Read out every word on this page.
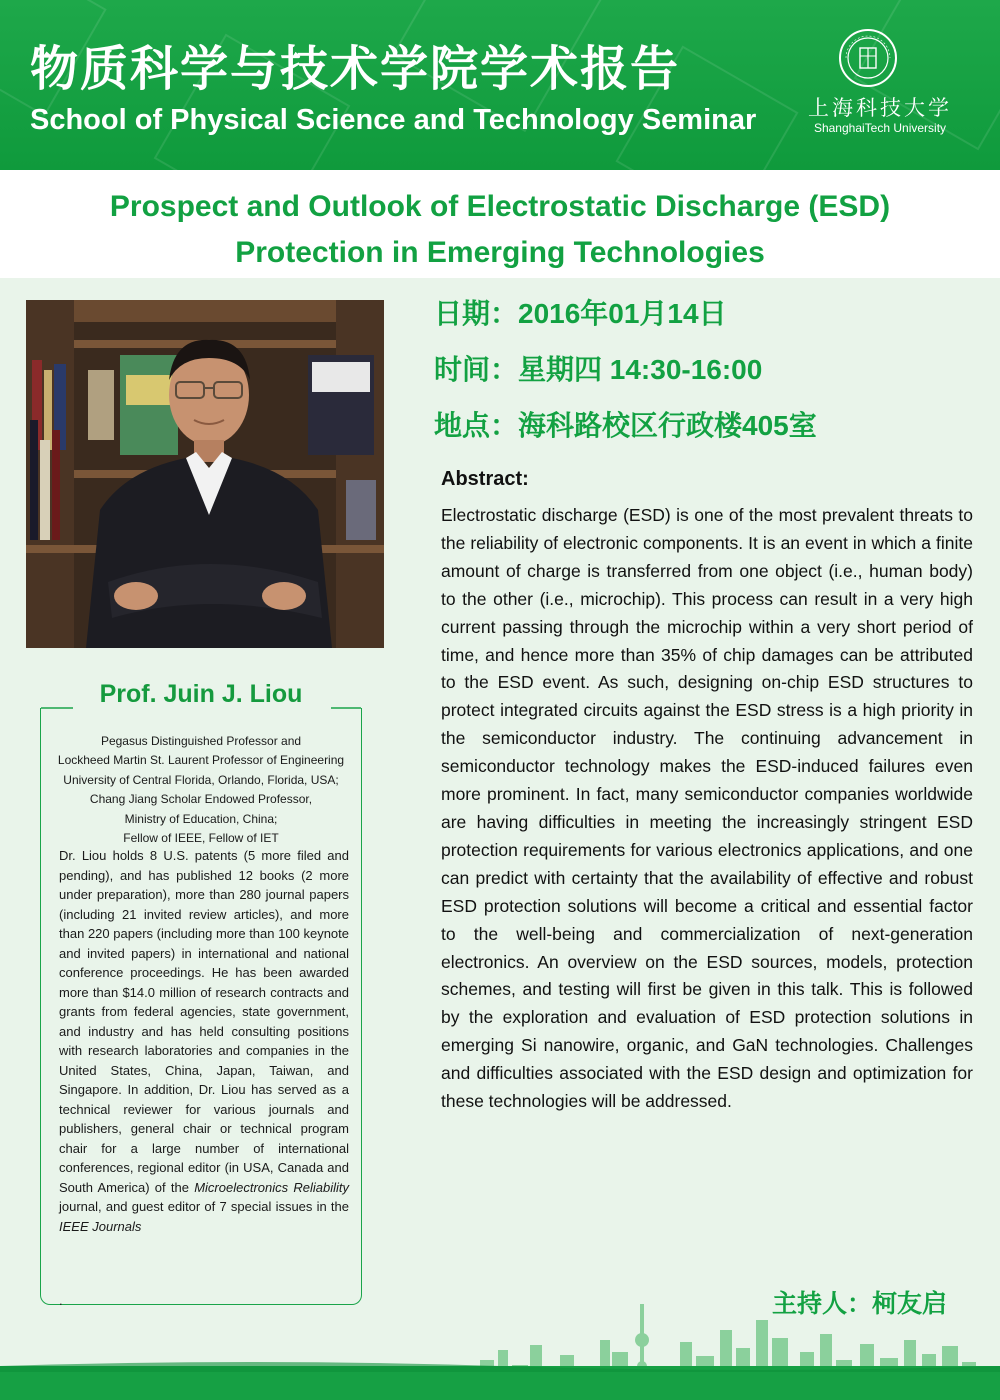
物质科学与技术学院学术报告
School of Physical Science and Technology Seminar	上海科技大学
ShanghaiTech University
Prospect and Outlook of Electrostatic Discharge (ESD)
Protection in Emerging Technologies
Prof. Juin J. Liou
Pegasus Distinguished Professor and
Lockheed Martin St. Laurent Professor of Engineering
University of Central Florida, Orlando, Florida, USA;
Chang Jiang Scholar Endowed Professor,
Ministry of Education, China;
Fellow of IEEE, Fellow of IET
Dr. Liou holds 8 U.S. patents (5 more filed and pending), and has published 12 books (2 more under preparation), more than 280 journal papers (including 21 invited review articles), and more than 220 papers (including more than 100 keynote and invited papers) in international and national conference proceedings. He has been awarded more than $14.0 million of research contracts and grants from federal agencies, state government, and industry and has held consulting positions with research laboratories and companies in the United States, China, Japan, Taiwan, and Singapore. In addition, Dr. Liou has served as a technical reviewer for various journals and publishers, general chair or technical program chair for a large number of international conferences, regional editor (in USA, Canada and South America) of the Microelectronics Reliability journal, and guest editor of 7 special issues in the IEEE Journals
.
日期：2016年01月14日
时间：星期四 14:30-16:00
地点：海科路校区行政楼405室
Abstract:
Electrostatic discharge (ESD) is one of the most prevalent threats to the reliability of electronic components. It is an event in which a finite amount of charge is transferred from one object (i.e., human body) to the other (i.e., microchip). This process can result in a very high current passing through the microchip within a very short period of time, and hence more than 35% of chip damages can be attributed to the ESD event. As such, designing on-chip ESD structures to protect integrated circuits against the ESD stress is a high priority in the semiconductor industry. The continuing advancement in semiconductor technology makes the ESD-induced failures even more prominent. In fact, many semiconductor companies worldwide are having difficulties in meeting the increasingly stringent ESD protection requirements for various electronics applications, and one can predict with certainty that the availability of effective and robust ESD protection solutions will become a critical and essential factor to the well-being and commercialization of next-generation electronics. An overview on the ESD sources, models, protection schemes, and testing will first be given in this talk. This is followed by the exploration and evaluation of ESD protection solutions in emerging Si nanowire, organic, and GaN technologies. Challenges and difficulties associated with the ESD design and optimization for these technologies will be addressed.
主持人：柯友启
